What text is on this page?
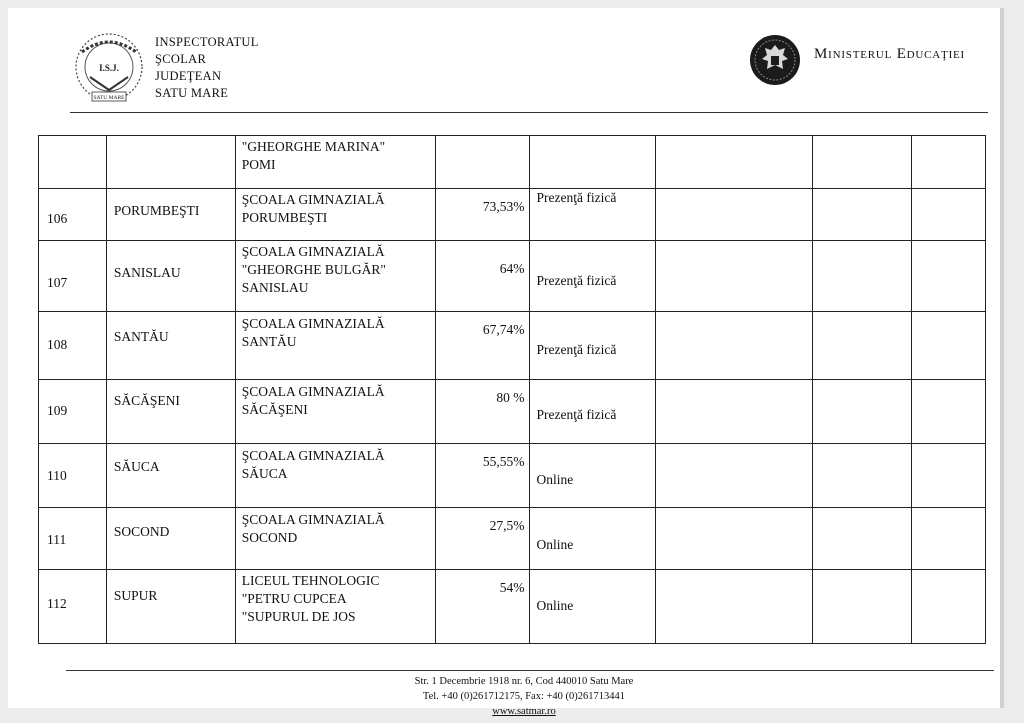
I.S.J.
SATU MARE
INSPECTORATUL
ŞCOLAR
JUDEŢEAN
SATU MARE
Ministerul Educaţiei

		"GHEORGHE MARINA"
POMI					

106	PORUMBEŞTI	ŞCOALA GIMNAZIALĂ
PORUMBEŞTI	73,53%	Prezenţă fizică			

107	SANISLAU	ŞCOALA GIMNAZIALĂ
"GHEORGHE BULGĂR"
SANISLAU	64%	Prezenţă fizică			

108	SANTĂU	ŞCOALA GIMNAZIALĂ
SANTĂU	67,74%	Prezenţă fizică			

109	SĂCĂŞENI	ŞCOALA GIMNAZIALĂ
SĂCĂŞENI	80 %	Prezenţă fizică			

110	SĂUCA	ŞCOALA GIMNAZIALĂ
SĂUCA	55,55%	Online			

111	SOCOND	ŞCOALA GIMNAZIALĂ
SOCOND	27,5%	Online			

112	SUPUR	LICEUL TEHNOLOGIC
"PETRU CUPCEA
"SUPURUL DE JOS	54%	Online			

Str. 1 Decembrie 1918 nr. 6, Cod 440010 Satu Mare
Tel. +40 (0)261712175, Fax: +40 (0)261713441
www.satmar.ro
